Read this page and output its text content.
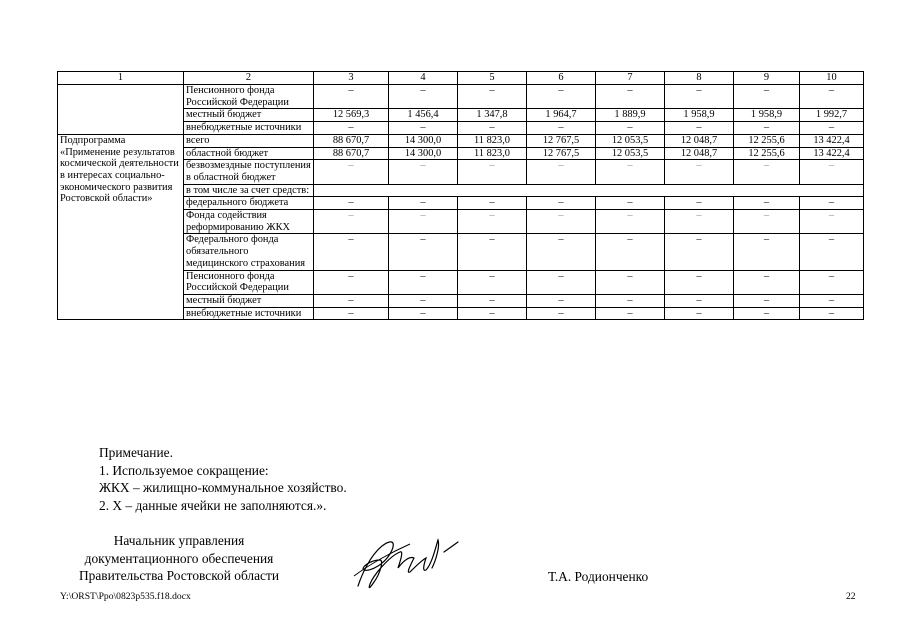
1	2	3	4	5	6	7	8	9	10
	Пенсионного фонда Российской Федерации	–	–	–	–	–	–	–	–
	местный бюджет	12 569,3	1 456,4	1 347,8	1 964,7	1 889,9	1 958,9	1 958,9	1 992,7
	внебюджетные источники	–	–	–	–	–	–	–	–
Подпрограмма «Применение результатов космической деятельности в интересах социально-экономического развития Ростовской области»	всего	88 670,7	14 300,0	11 823,0	12 767,5	12 053,5	12 048,7	12 255,6	13 422,4
	областной бюджет	88 670,7	14 300,0	11 823,0	12 767,5	12 053,5	12 048,7	12 255,6	13 422,4
	безвозмездные поступления в областной бюджет	–	–	–	–	–	–	–	–
	в том числе за счет средств:								
	федерального бюджета	–	–	–	–	–	–	–	–
	Фонда содействия реформированию ЖКХ	–	–	–	–	–	–	–	–
	Федерального фонда обязательного медицинского страхования	–	–	–	–	–	–	–	–
	Пенсионного фонда Российской Федерации	–	–	–	–	–	–	–	–
	местный бюджет	–	–	–	–	–	–	–	–
	внебюджетные источники	–	–	–	–	–	–	–	–
Примечание.
1. Используемое сокращение:
ЖКХ – жилищно-коммунальное хозяйство.
2. Х – данные ячейки не заполняются.».
Начальник управления
документационного обеспечения
Правительства Ростовской области	Т.А. Родионченко
Y:\ORST\Ppo\0823p535.f18.docx	22
